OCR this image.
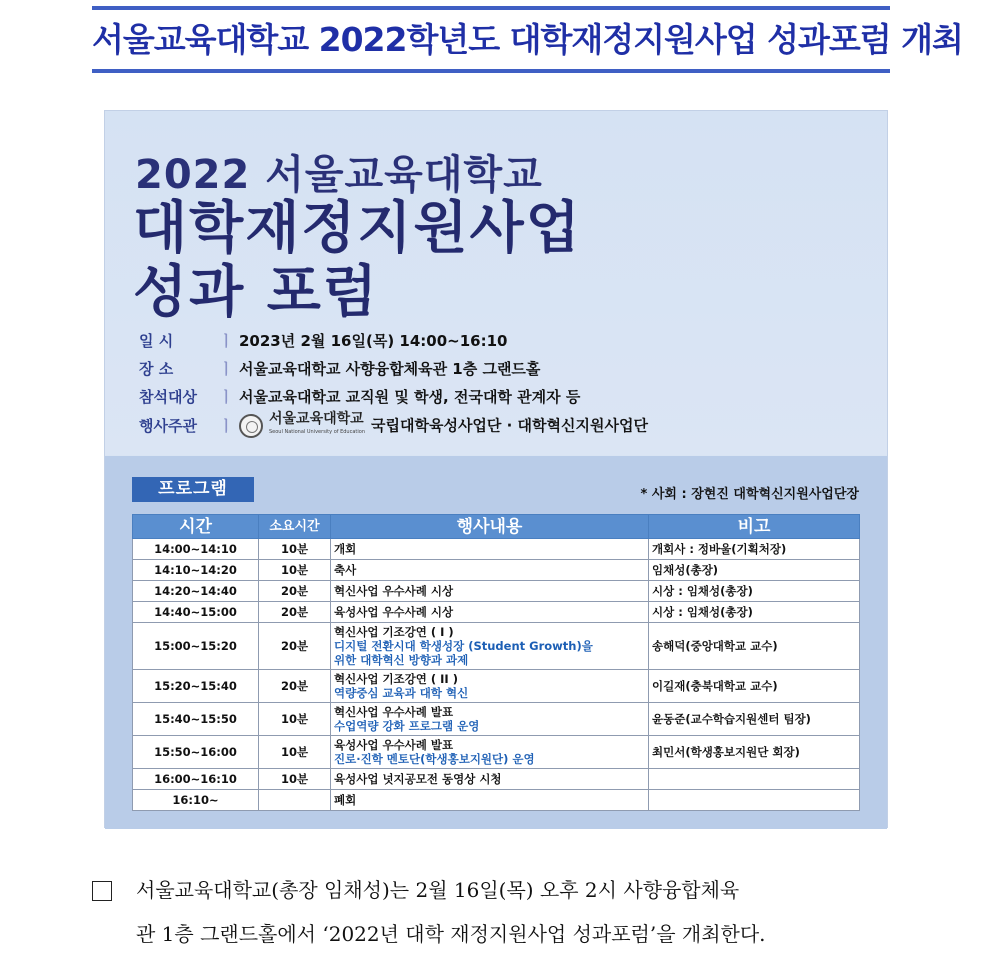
서울교육대학교 2022학년도 대학재정지원사업 성과포럼 개최
2022 서울교육대학교
대학재정지원사업
성과 포럼
일 시	ㅣ 2023년 2월 16일(목) 14:00~16:10
장 소	ㅣ 서울교육대학교 사향융합체육관 1층 그랜드홀
참석대상 ㅣ 서울교육대학교 교직원 및 학생, 전국대학 관계자 등
행사주관 ㅣ	서울교육대학교
Seoul National University of Education 국립대학육성사업단 · 대학혁신지원사업단
프로그램	* 사회 : 장현진 대학혁신지원사업단장
시간	소요시간	행사내용	비고
14:00~14:10	10분	개회	개회사 : 정바울(기획처장)
14:10~14:20	10분	축사	임채성(총장)
14:20~14:40	20분	혁신사업 우수사례 시상	시상 : 임채성(총장)
14:40~15:00	20분	육성사업 우수사례 시상	시상 : 임채성(총장)
15:00~15:20	20분	혁신사업 기조강연 ( I )
디지털 전환시대 학생성장 (Student Growth)을
위한 대학혁신 방향과 과제	송해덕(중앙대학교 교수)
15:20~15:40	20분	혁신사업 기조강연 ( II )
역량중심 교육과 대학 혁신	이길재(충북대학교 교수)
15:40~15:50	10분	혁신사업 우수사례 발표
수업역량 강화 프로그램 운영	윤동준(교수학습지원센터 팀장)
15:50~16:00	10분	육성사업 우수사례 발표
진로·진학 멘토단(학생홍보지원단) 운영	최민서(학생홍보지원단 회장)
16:00~16:10	10분	육성사업 넛지공모전 동영상 시청	

16:10~		폐회	

서울교육대학교(총장 임채성)는 2월 16일(목) 오후 2시 사향융합체육
관 1층 그랜드홀에서 ‘2022년 대학 재정지원사업 성과포럼’을 개최한다.
